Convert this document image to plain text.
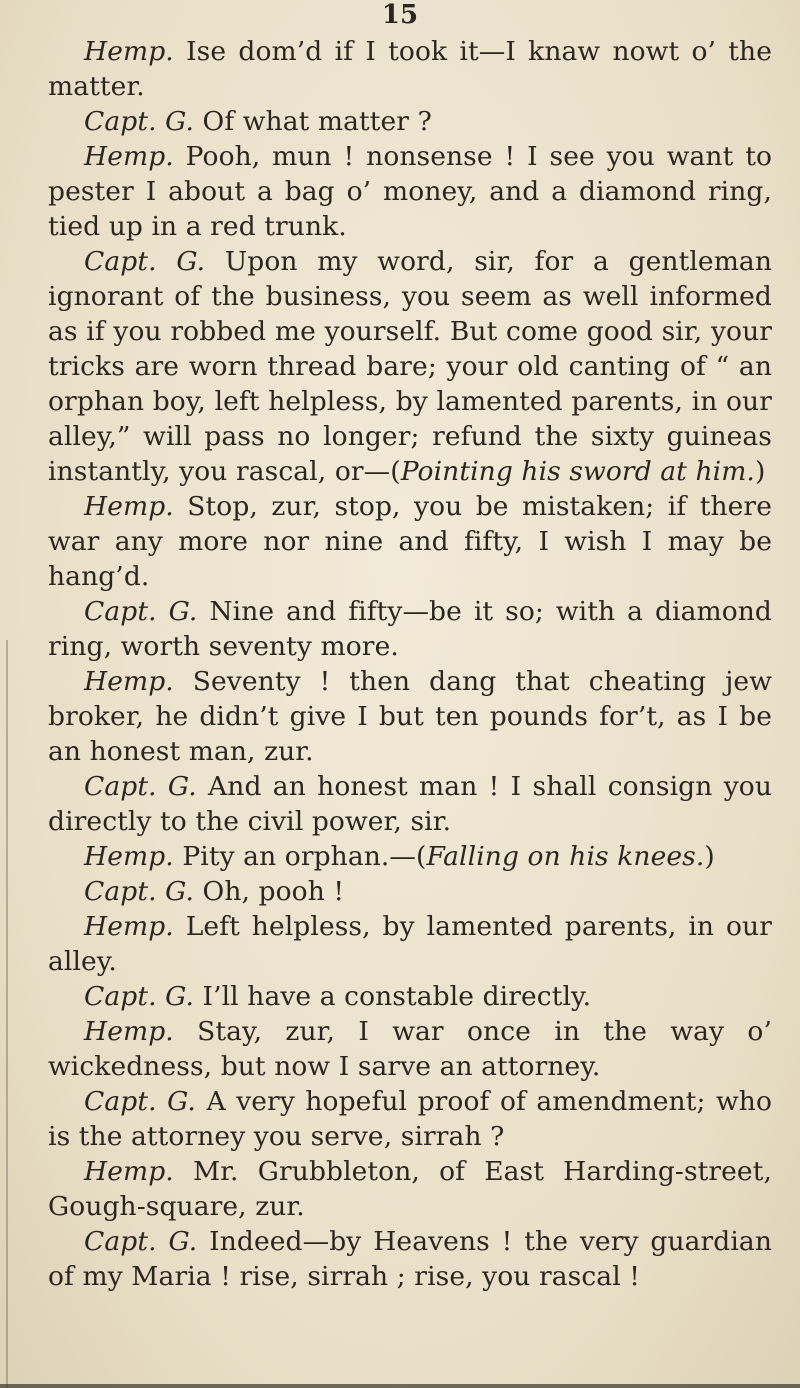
15

Hemp. Ise dom’d if I took it—I knaw nowt o’ the matter.

Capt. G. Of what matter ?

Hemp. Pooh, mun ! nonsense ! I see you want to pester I about a bag o’ money, and a diamond ring, tied up in a red trunk.

Capt. G. Upon my word, sir, for a gentleman ignorant of the business, you seem as well informed as if you robbed me yourself. But come good sir, your tricks are worn thread bare; your old canting of “ an orphan boy, left helpless, by lamented parents, in our alley,” will pass no longer; refund the sixty guineas instantly, you rascal, or—(Pointing his sword at him.)

Hemp. Stop, zur, stop, you be mistaken; if there war any more nor nine and fifty, I wish I may be hang’d.

Capt. G. Nine and fifty—be it so; with a diamond ring, worth seventy more.

Hemp. Seventy ! then dang that cheating jew broker, he didn’t give I but ten pounds for’t, as I be an honest man, zur.

Capt. G. And an honest man ! I shall consign you directly to the civil power, sir.

Hemp. Pity an orphan.—(Falling on his knees.)

Capt. G. Oh, pooh !

Hemp. Left helpless, by lamented parents, in our alley.

Capt. G. I’ll have a constable directly.

Hemp. Stay, zur, I war once in the way o’ wickedness, but now I sarve an attorney.

Capt. G. A very hopeful proof of amendment; who is the attorney you serve, sirrah ?

Hemp. Mr. Grubbleton, of East Harding-street, Gough-square, zur.

Capt. G. Indeed—by Heavens ! the very guardian of my Maria ! rise, sirrah ; rise, you rascal !
